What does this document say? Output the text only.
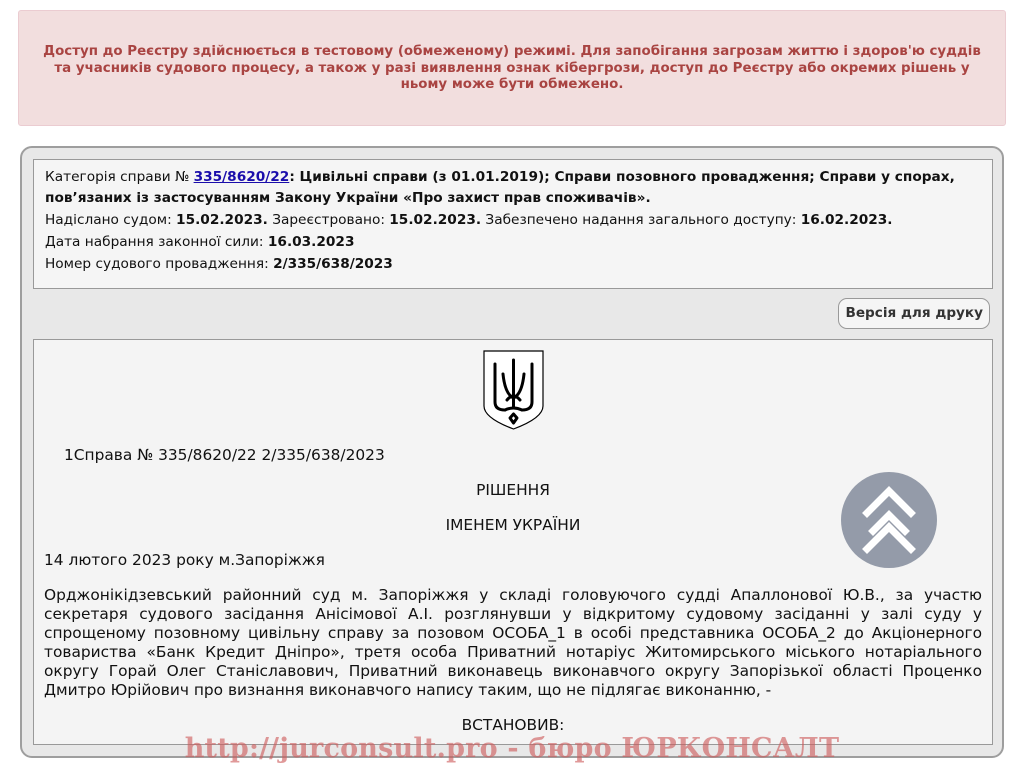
Доступ до Реєстру здійснюється в тестовому (обмеженому) режимі. Для запобігання загрозам життю і здоров'ю суддів та учасників судового процесу, а також у разі виявлення ознак кібергрози, доступ до Реєстру або окремих рішень у ньому може бути обмежено.

Категорія справи № 335/8620/22: Цивільні справи (з 01.01.2019); Справи позовного провадження; Справи у спорах, пов’язаних із застосуванням Закону України «Про захист прав споживачів».

Надіслано судом: 15.02.2023. Зареєстровано: 15.02.2023. Забезпечено надання загального доступу: 16.02.2023.

Дата набрання законної сили: 16.03.2023

Номер судового провадження: 2/335/638/2023

Версія для друку

1Справа № 335/8620/22 2/335/638/2023

РІШЕННЯ

ІМЕНЕМ УКРАЇНИ

14 лютого 2023 року м.Запоріжжя

Орджонікідзевський районний суд м. Запоріжжя у складі головуючого судді Апаллонової Ю.В., за участю секретаря судового засідання Анісімової А.І. розглянувши у відкритому судовому засіданні у залі суду у спрощеному позовному цивільну справу за позовом ОСОБА_1 в особі представника ОСОБА_2 до Акціонерного товариства «Банк Кредит Дніпро», третя особа Приватний нотаріус Житомирського міського нотаріального округу Горай Олег Станіславович, Приватний виконавець виконавчого округу Запорізької області Проценко Дмитро Юрійович про визнання виконавчого напису таким, що не підлягає виконанню, -

ВСТАНОВИВ:

http://jurconsult.pro - бюро ЮРКОНСАЛТ
